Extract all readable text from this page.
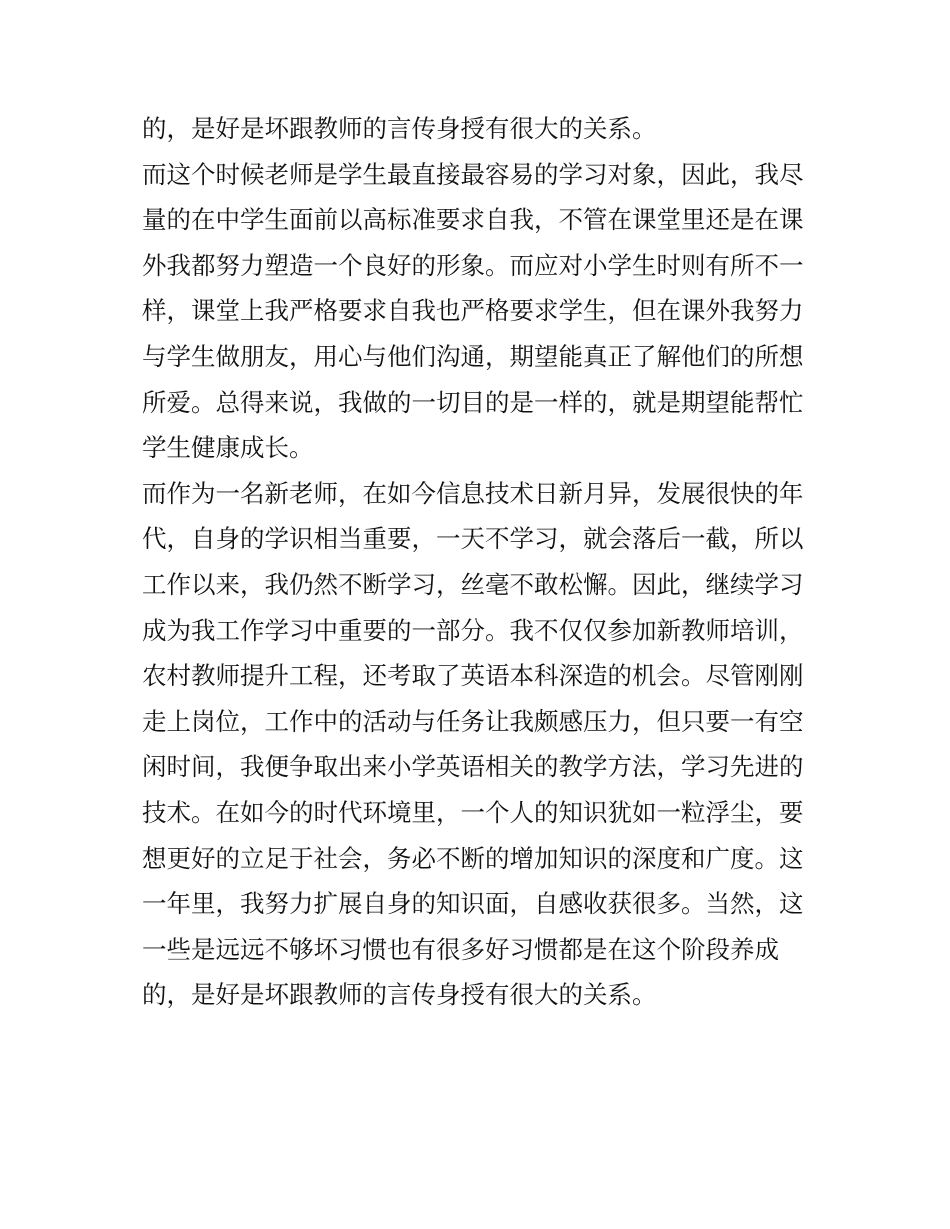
的，是好是坏跟教师的言传身授有很大的关系。
而这个时候老师是学生最直接最容易的学习对象，因此，我尽
量的在中学生面前以高标准要求自我，不管在课堂里还是在课
外我都努力塑造一个良好的形象。而应对小学生时则有所不一
样，课堂上我严格要求自我也严格要求学生，但在课外我努力
与学生做朋友，用心与他们沟通，期望能真正了解他们的所想
所爱。总得来说，我做的一切目的是一样的，就是期望能帮忙
学生健康成长。
而作为一名新老师，在如今信息技术日新月异，发展很快的年
代，自身的学识相当重要，一天不学习，就会落后一截，所以
工作以来，我仍然不断学习，丝毫不敢松懈。因此，继续学习
成为我工作学习中重要的一部分。我不仅仅参加新教师培训，
农村教师提升工程，还考取了英语本科深造的机会。尽管刚刚
走上岗位，工作中的活动与任务让我颇感压力，但只要一有空
闲时间，我便争取出来小学英语相关的教学方法，学习先进的
技术。在如今的时代环境里，一个人的知识犹如一粒浮尘，要
想更好的立足于社会，务必不断的增加知识的深度和广度。这
一年里，我努力扩展自身的知识面，自感收获很多。当然，这
一些是远远不够坏习惯也有很多好习惯都是在这个阶段养成
的，是好是坏跟教师的言传身授有很大的关系。
